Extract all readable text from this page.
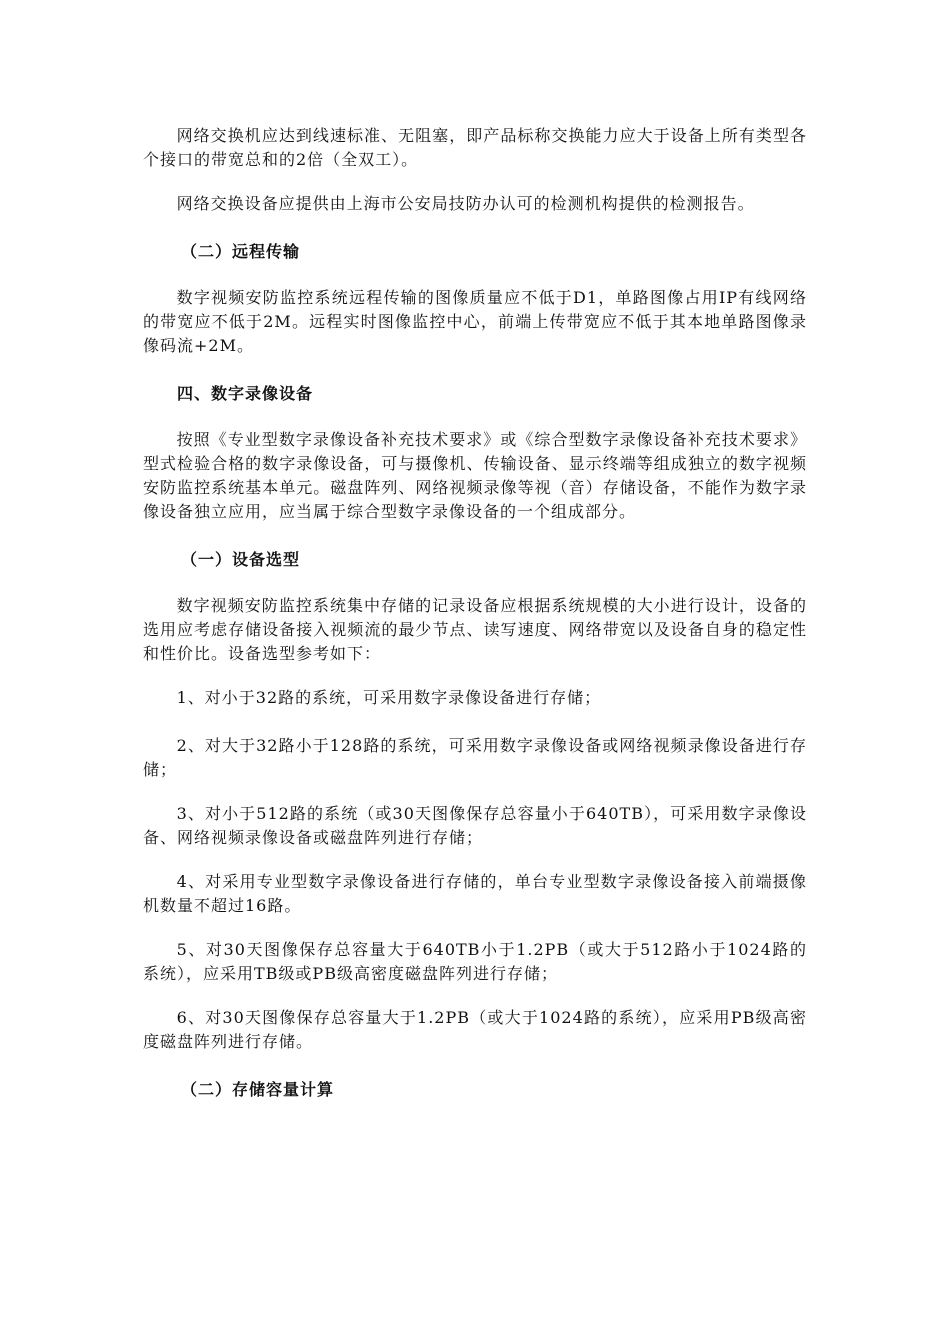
网络交换机应达到线速标准、无阻塞，即产品标称交换能力应大于设备上所有类型各个接口的带宽总和的2倍（全双工）。

网络交换设备应提供由上海市公安局技防办认可的检测机构提供的检测报告。

（二）远程传输

数字视频安防监控系统远程传输的图像质量应不低于D1，单路图像占用IP有线网络的带宽应不低于2M。远程实时图像监控中心，前端上传带宽应不低于其本地单路图像录像码流+2M。

四、数字录像设备

按照《专业型数字录像设备补充技术要求》或《综合型数字录像设备补充技术要求》型式检验合格的数字录像设备，可与摄像机、传输设备、显示终端等组成独立的数字视频安防监控系统基本单元。磁盘阵列、网络视频录像等视（音）存储设备，不能作为数字录像设备独立应用，应当属于综合型数字录像设备的一个组成部分。

（一）设备选型

数字视频安防监控系统集中存储的记录设备应根据系统规模的大小进行设计，设备的选用应考虑存储设备接入视频流的最少节点、读写速度、网络带宽以及设备自身的稳定性和性价比。设备选型参考如下：

1、对小于32路的系统，可采用数字录像设备进行存储；

2、对大于32路小于128路的系统，可采用数字录像设备或网络视频录像设备进行存储；

3、对小于512路的系统（或30天图像保存总容量小于640TB），可采用数字录像设备、网络视频录像设备或磁盘阵列进行存储；

4、对采用专业型数字录像设备进行存储的，单台专业型数字录像设备接入前端摄像机数量不超过16路。

5、对30天图像保存总容量大于640TB小于1.2PB（或大于512路小于1024路的系统），应采用TB级或PB级高密度磁盘阵列进行存储；

6、对30天图像保存总容量大于1.2PB（或大于1024路的系统），应采用PB级高密度磁盘阵列进行存储。

（二）存储容量计算
